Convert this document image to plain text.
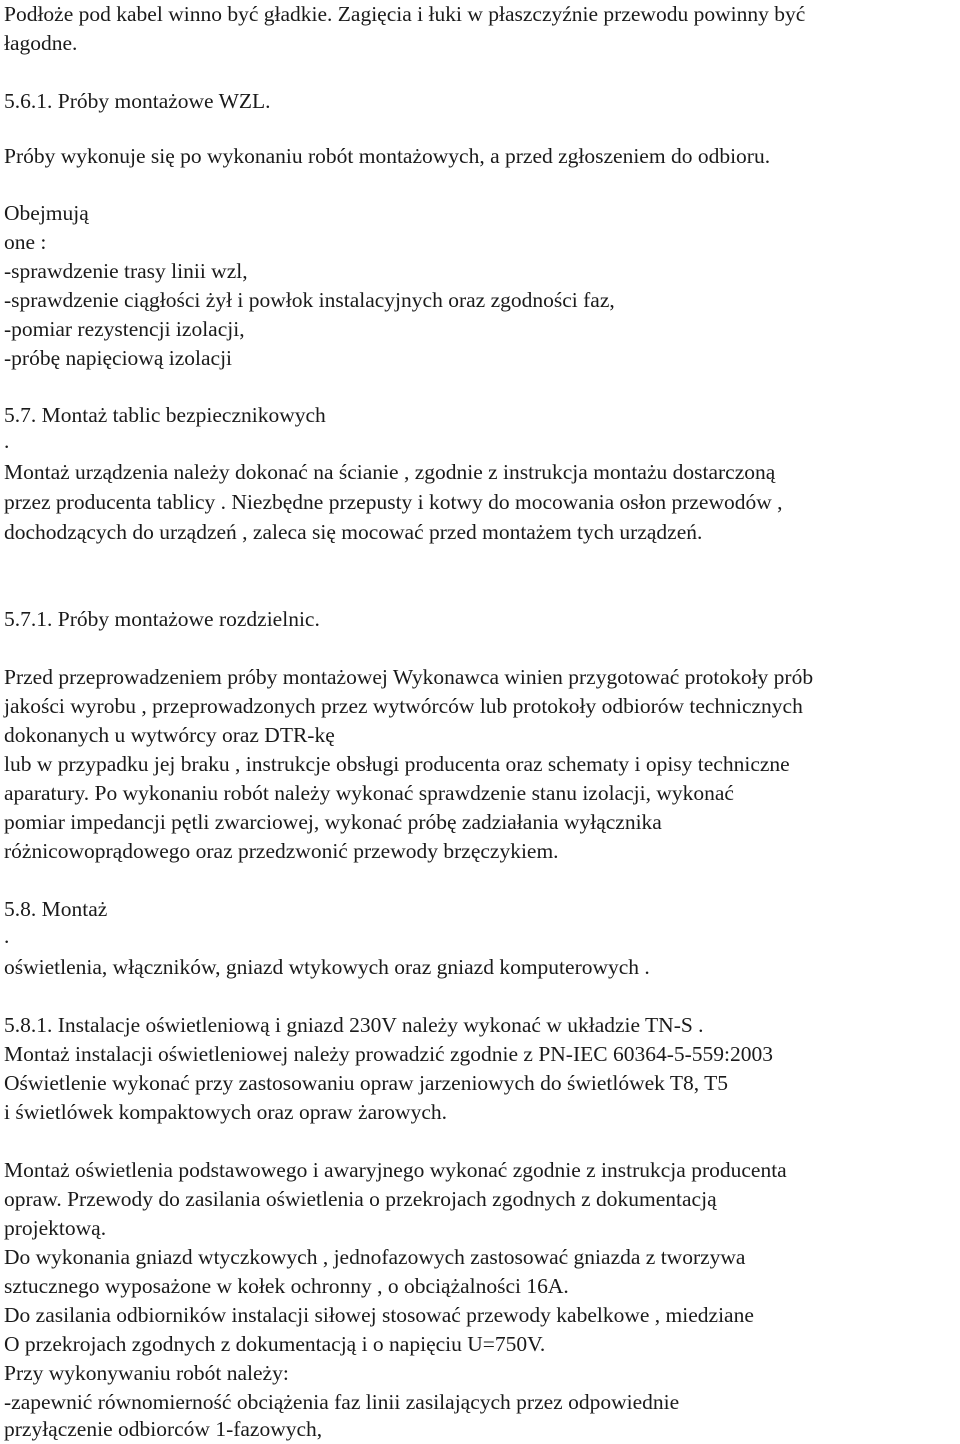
Podłoże pod kabel winno być gładkie. Zagięcia i łuki w płaszczyźnie przewodu powinny być
łagodne.
5.6.1. Próby montażowe WZL.
Próby wykonuje się po wykonaniu robót montażowych, a przed zgłoszeniem do odbioru.
Obejmują
one :
-sprawdzenie trasy linii wzl,
-sprawdzenie ciągłości żył i powłok instalacyjnych oraz zgodności faz,
-pomiar rezystencji izolacji,
-próbę napięciową izolacji
5.7. Montaż tablic bezpiecznikowych
.
Montaż urządzenia należy dokonać na ścianie , zgodnie z instrukcja montażu dostarczoną
przez producenta tablicy . Niezbędne przepusty i kotwy do mocowania osłon przewodów ,
dochodzących do urządzeń , zaleca się mocować przed montażem tych urządzeń.
5.7.1. Próby montażowe rozdzielnic.
Przed przeprowadzeniem próby montażowej Wykonawca winien przygotować protokoły prób
jakości wyrobu , przeprowadzonych przez wytwórców lub protokoły odbiorów technicznych
dokonanych u wytwórcy oraz DTR-kę
lub w przypadku jej braku , instrukcje obsługi producenta oraz schematy i opisy techniczne
aparatury. Po wykonaniu robót należy wykonać sprawdzenie stanu izolacji, wykonać
pomiar impedancji pętli zwarciowej, wykonać próbę zadziałania wyłącznika
różnicowoprądowego oraz przedzwonić przewody brzęczykiem.
5.8. Montaż
.
oświetlenia, włączników, gniazd wtykowych oraz gniazd komputerowych .
5.8.1. Instalacje oświetleniową i gniazd 230V należy wykonać w układzie TN-S .
Montaż instalacji oświetleniowej należy prowadzić zgodnie z PN-IEC 60364-5-559:2003
Oświetlenie wykonać przy zastosowaniu opraw jarzeniowych do świetlówek T8, T5
i świetlówek kompaktowych oraz opraw żarowych.
Montaż oświetlenia podstawowego i awaryjnego wykonać zgodnie z instrukcja producenta
opraw. Przewody do zasilania oświetlenia o przekrojach zgodnych z dokumentacją
projektową.
Do wykonania gniazd wtyczkowych , jednofazowych zastosować gniazda z tworzywa
sztucznego wyposażone w kołek ochronny , o obciążalności 16A.
Do zasilania odbiorników instalacji siłowej stosować przewody kabelkowe , miedziane
O przekrojach zgodnych z dokumentacją i o napięciu U=750V.
Przy wykonywaniu robót należy:
-zapewnić równomierność obciążenia faz linii zasilających przez odpowiednie
przyłączenie odbiorców 1-fazowych,
